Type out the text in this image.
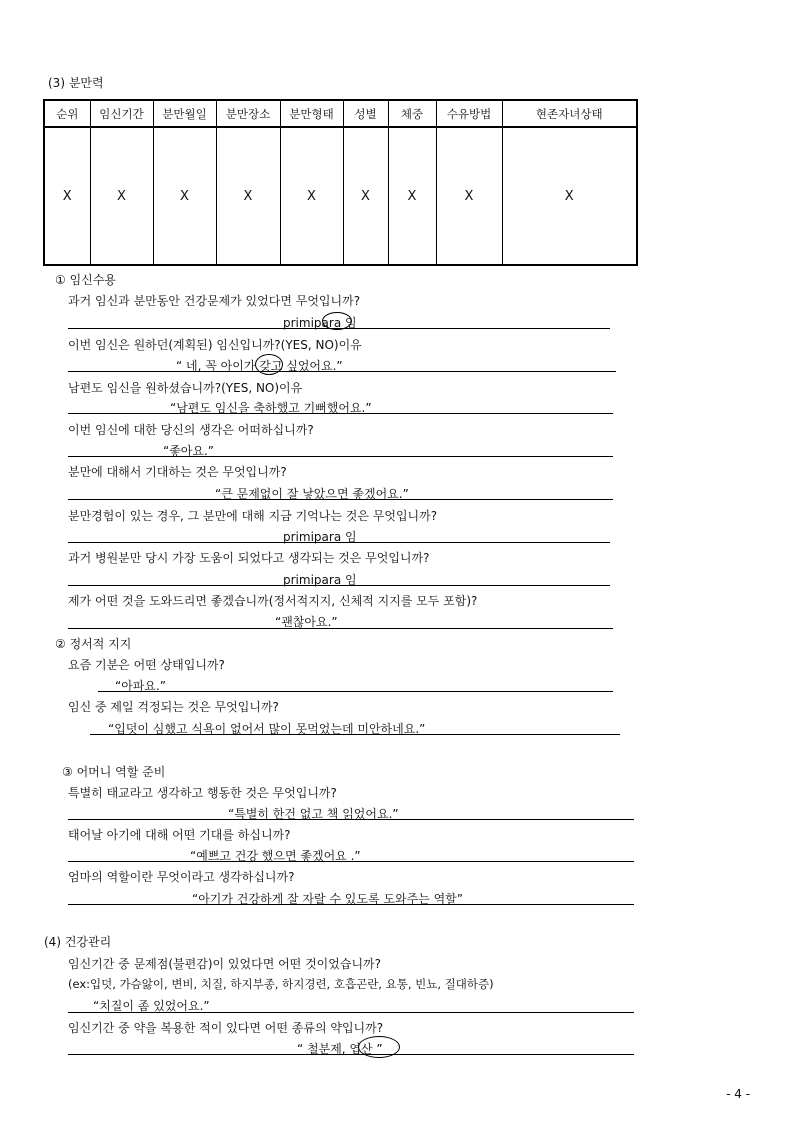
(3) 분만력
순위	임신기간	분만월일	분만장소	분만형태	성별	체중	수유방법	현존자녀상태
X	X	X	X	X	X	X	X	X
① 임신수용
과거 임신과 분만동안 건강문제가 있었다면 무엇입니까?
primipara 임
이번 임신은 원하던(계획된) 임신입니까?(YES, NO)이유
“ 네, 꼭 아이가 갖고 싶었어요.”
남편도 임신을 원하셨습니까?(YES, NO)이유
“남편도 임신을 축하했고 기뻐했어요.”
이번 임신에 대한 당신의 생각은 어떠하십니까?
“좋아요.”
분만에 대해서 기대하는 것은 무엇입니까?
“큰 문제없이 잘 낳았으면 좋겠어요.”
분만경험이 있는 경우, 그 분만에 대해 지금 기억나는 것은 무엇입니까?
primipara 임
과거 병원분만 당시 가장 도움이 되었다고 생각되는 것은 무엇입니까?
primipara 임
제가 어떤 것을 도와드리면 좋겠습니까(정서적지지, 신체적 지지를 모두 포함)?
“괜찮아요.”
② 정서적 지지
요즘 기분은 어떤 상태입니까?
“아파요.”
임신 중 제일 걱정되는 것은 무엇입니까?
“입덧이 심했고 식욕이 없어서 많이 못먹었는데 미안하네요.”
③ 어머니 역할 준비
특별히 태교라고 생각하고 행동한 것은 무엇입니까?
“특별히 한건 없고 책 읽었어요.”
태어날 아기에 대해 어떤 기대를 하십니까?
“예쁘고 건강 했으면 좋겠어요 .”
엄마의 역할이란 무엇이라고 생각하십니까?
“아기가 건강하게 잘 자랄 수 있도록 도와주는 역할”
(4) 건강관리
임신기간 중 문제점(불편감)이 있었다면 어떤 것이었습니까?
(ex:입덧, 가슴앓이, 변비, 치질, 하지부종, 하지경련, 호흡곤란, 요통, 빈뇨, 질대하증)
“치질이 좀 있었어요.”
임신기간 중 약을 복용한 적이 있다면 어떤 종류의 약입니까?
“ 철분제, 엽산 ”
- 4 -
